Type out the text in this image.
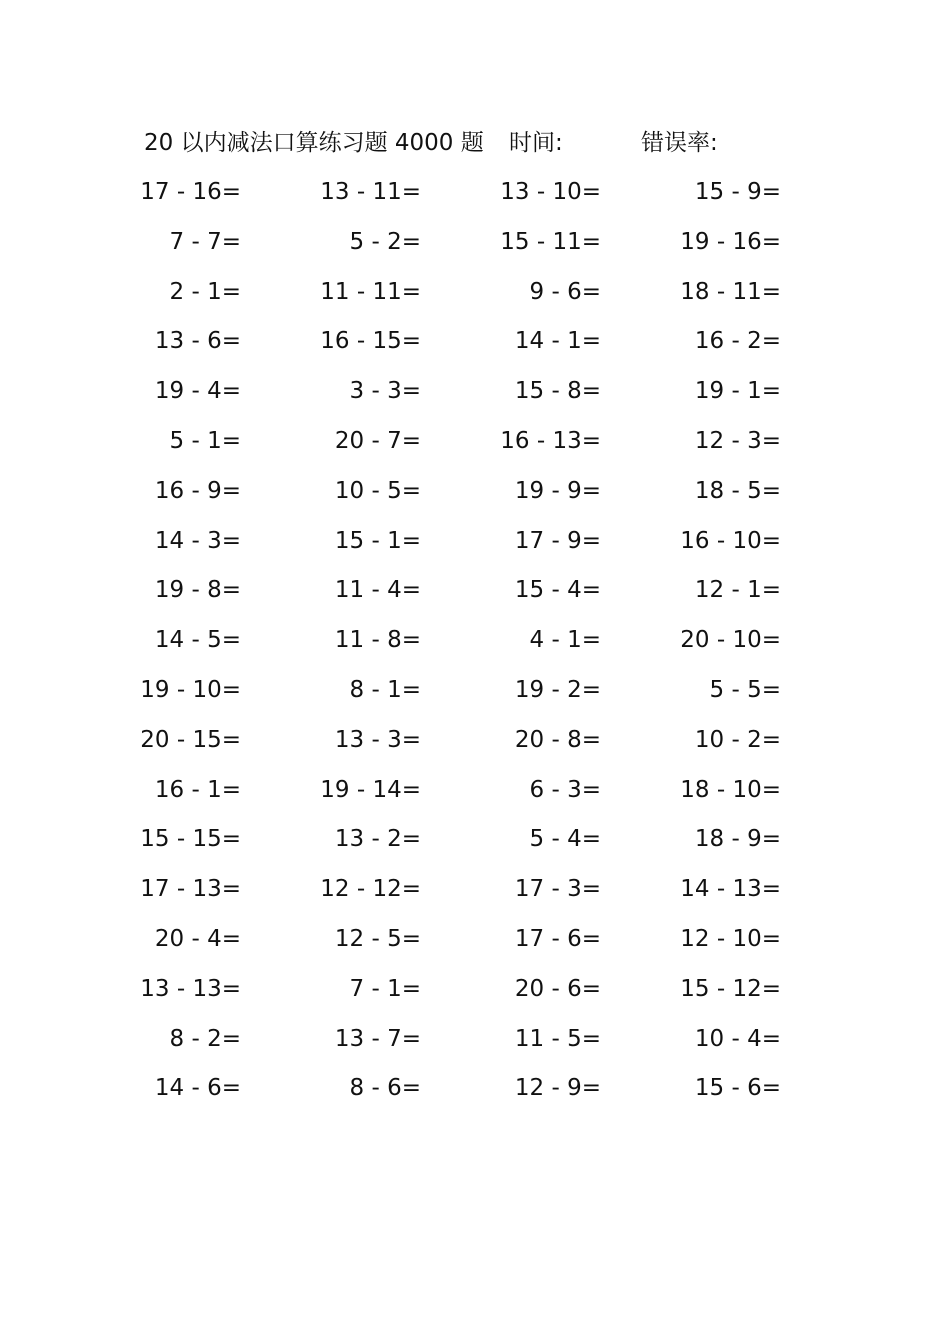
20 以内减法口算练习题 4000 题 时间:	错误率:
17 - 16=	13 - 11=	13 - 10=	15 - 9=
7 - 7=	5 - 2=	15 - 11=	19 - 16=
2 - 1=	11 - 11=	9 - 6=	18 - 11=
13 - 6=	16 - 15=	14 - 1=	16 - 2=
19 - 4=	3 - 3=	15 - 8=	19 - 1=
5 - 1=	20 - 7=	16 - 13=	12 - 3=
16 - 9=	10 - 5=	19 - 9=	18 - 5=
14 - 3=	15 - 1=	17 - 9=	16 - 10=
19 - 8=	11 - 4=	15 - 4=	12 - 1=
14 - 5=	11 - 8=	4 - 1=	20 - 10=
19 - 10=	8 - 1=	19 - 2=	5 - 5=
20 - 15=	13 - 3=	20 - 8=	10 - 2=
16 - 1=	19 - 14=	6 - 3=	18 - 10=
15 - 15=	13 - 2=	5 - 4=	18 - 9=
17 - 13=	12 - 12=	17 - 3=	14 - 13=
20 - 4=	12 - 5=	17 - 6=	12 - 10=
13 - 13=	7 - 1=	20 - 6=	15 - 12=
8 - 2=	13 - 7=	11 - 5=	10 - 4=
14 - 6=	8 - 6=	12 - 9=	15 - 6=
